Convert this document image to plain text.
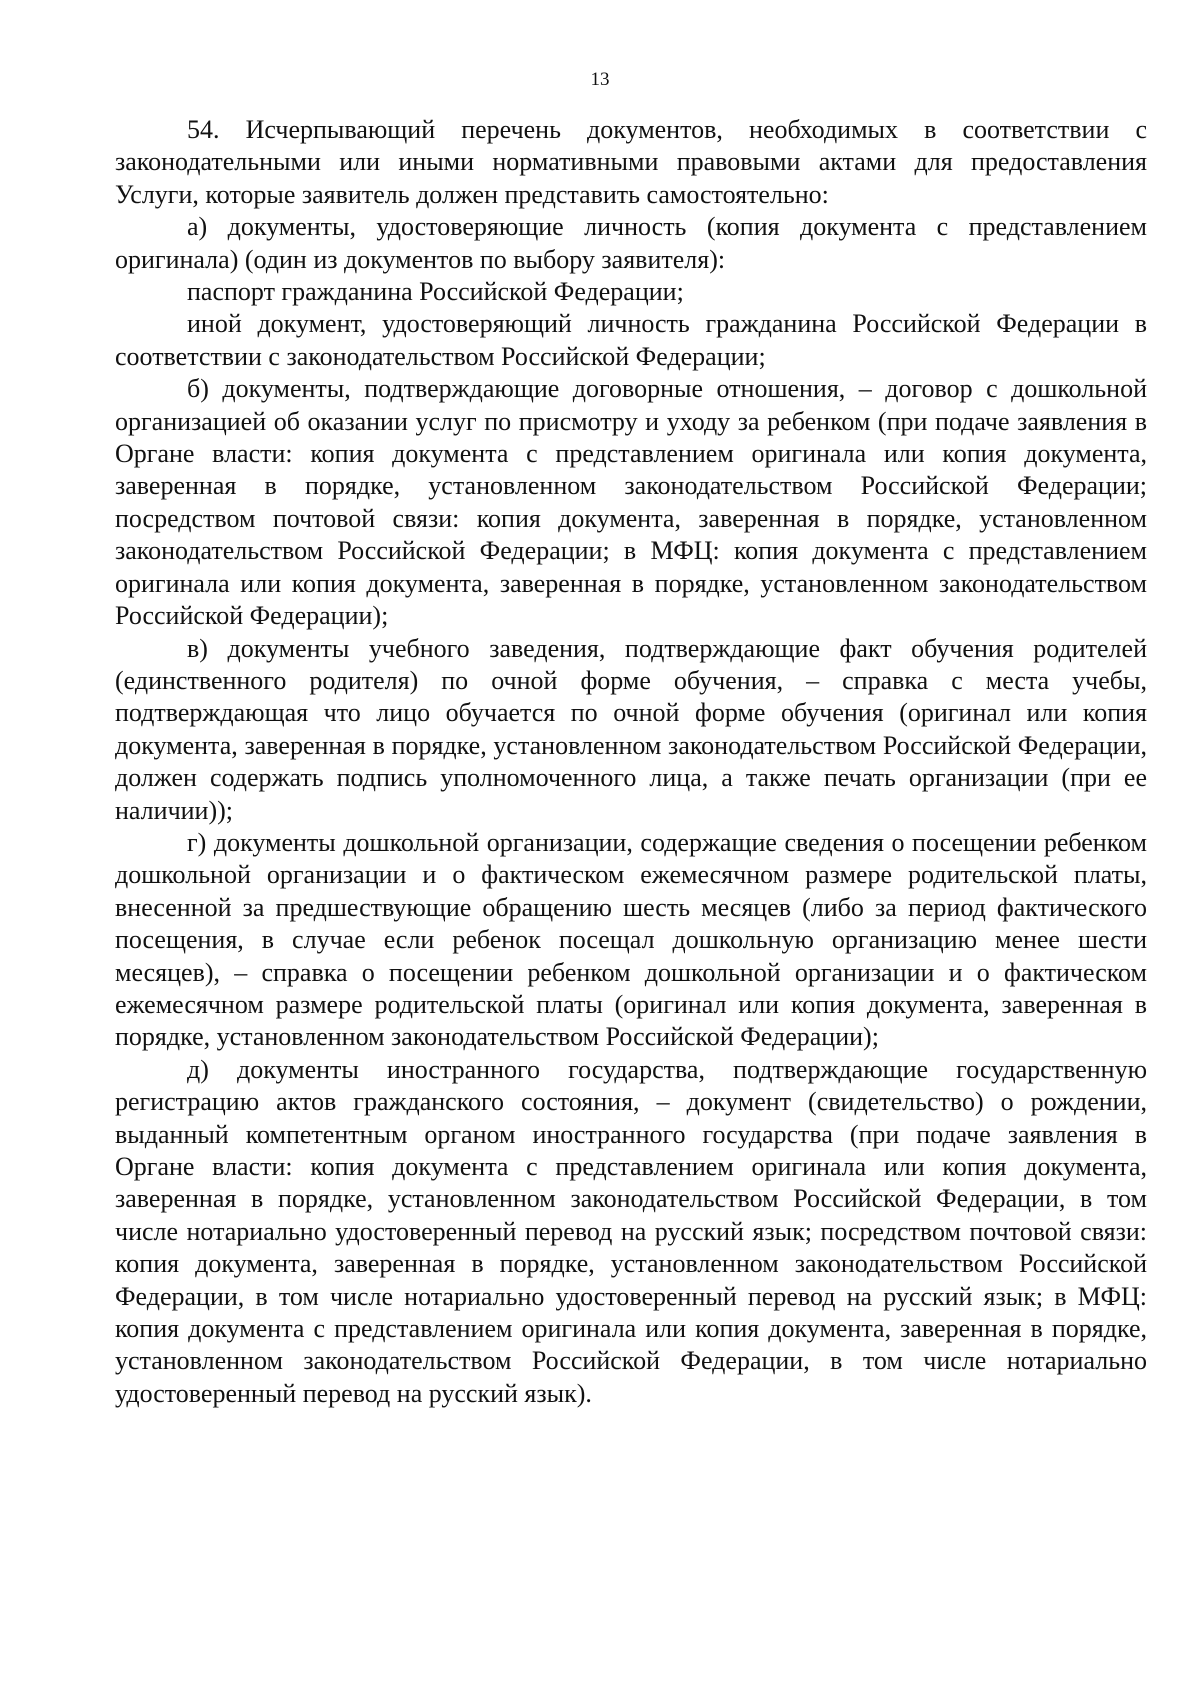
13

54. Исчерпывающий перечень документов, необходимых в соответствии с законодательными или иными нормативными правовыми актами для предоставления Услуги, которые заявитель должен представить самостоятельно:

а) документы, удостоверяющие личность (копия документа с представлением оригинала) (один из документов по выбору заявителя):

паспорт гражданина Российской Федерации;

иной документ, удостоверяющий личность гражданина Российской Федерации в соответствии с законодательством Российской Федерации;

б) документы, подтверждающие договорные отношения, – договор с дошкольной организацией об оказании услуг по присмотру и уходу за ребенком (при подаче заявления в Органе власти: копия документа с представлением оригинала или копия документа, заверенная в порядке, установленном законодательством Российской Федерации; посредством почтовой связи: копия документа, заверенная в порядке, установленном законодательством Российской Федерации; в МФЦ: копия документа с представлением оригинала или копия документа, заверенная в порядке, установленном законодательством Российской Федерации);

в) документы учебного заведения, подтверждающие факт обучения родителей (единственного родителя) по очной форме обучения, – справка с места учебы, подтверждающая что лицо обучается по очной форме обучения (оригинал или копия документа, заверенная в порядке, установленном законодательством Российской Федерации, должен содержать подпись уполномоченного лица, а также печать организации (при ее наличии));

г) документы дошкольной организации, содержащие сведения о посещении ребенком дошкольной организации и о фактическом ежемесячном размере родительской платы, внесенной за предшествующие обращению шесть месяцев (либо за период фактического посещения, в случае если ребенок посещал дошкольную организацию менее шести месяцев), – справка о посещении ребенком дошкольной организации и о фактическом ежемесячном размере родительской платы (оригинал или копия документа, заверенная в порядке, установленном законодательством Российской Федерации);

д) документы иностранного государства, подтверждающие государственную регистрацию актов гражданского состояния, – документ (свидетельство) о рождении, выданный компетентным органом иностранного государства (при подаче заявления в Органе власти: копия документа с представлением оригинала или копия документа, заверенная в порядке, установленном законодательством Российской Федерации, в том числе нотариально удостоверенный перевод на русский язык; посредством почтовой связи: копия документа, заверенная в порядке, установленном законодательством Российской Федерации, в том числе нотариально удостоверенный перевод на русский язык; в МФЦ: копия документа с представлением оригинала или копия документа, заверенная в порядке, установленном законодательством Российской Федерации, в том числе нотариально удостоверенный перевод на русский язык).
